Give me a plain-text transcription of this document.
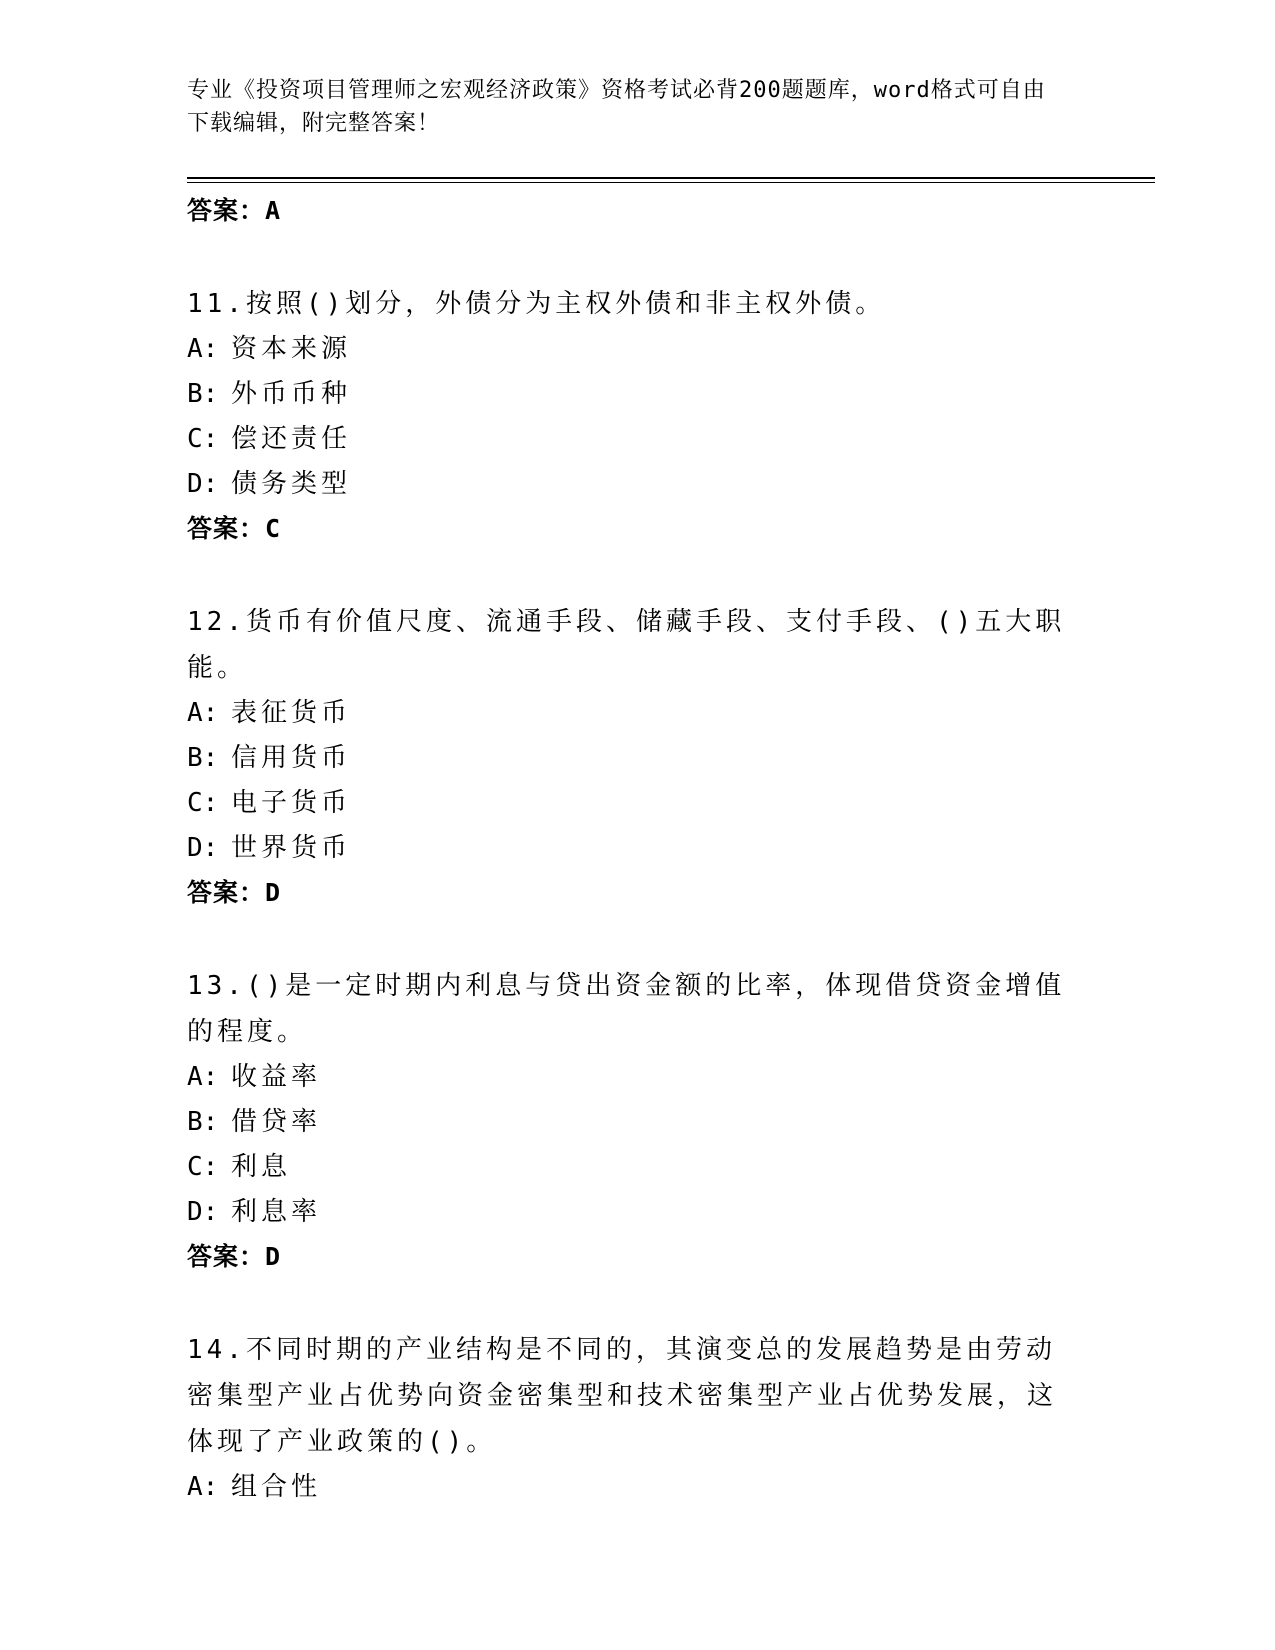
专业《投资项目管理师之宏观经济政策》资格考试必背200题题库，word格式可自由下载编辑，附完整答案！
答案：A
11.按照()划分，外债分为主权外债和非主权外债。
A: 资本来源
B: 外币币种
C: 偿还责任
D: 债务类型
答案：C
12.货币有价值尺度、流通手段、储藏手段、支付手段、()五大职能。
A: 表征货币
B: 信用货币
C: 电子货币
D: 世界货币
答案：D
13.()是一定时期内利息与贷出资金额的比率，体现借贷资金增值的程度。
A: 收益率
B: 借贷率
C: 利息
D: 利息率
答案：D
14.不同时期的产业结构是不同的，其演变总的发展趋势是由劳动密集型产业占优势向资金密集型和技术密集型产业占优势发展，这体现了产业政策的()。
A: 组合性
